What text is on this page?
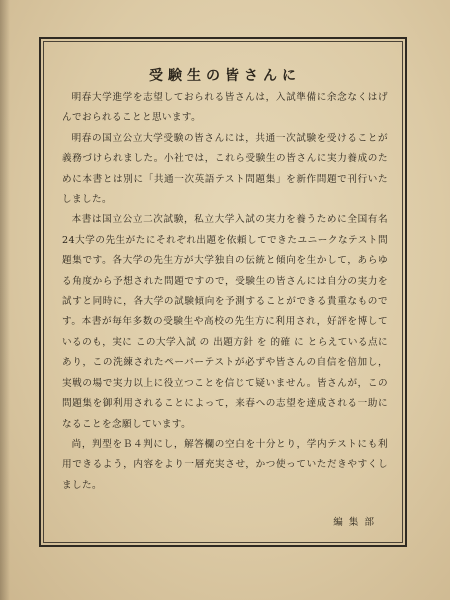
受験生の皆さんに

明春大学進学を志望しておられる皆さんは，入試準備に余念なくはげんでおられることと思います。

明春の国立公立大学受験の皆さんには，共通一次試験を受けることが義務づけられました。小社では，これら受験生の皆さんに実力養成のために本書とは別に「共通一次英語テスト問題集」を新作問題で刊行いたしました。

本書は国立公立二次試験，私立大学入試の実力を養うために全国有名24大学の先生がたにそれぞれ出題を依頼してできたユニークなテスト問題集です。各大学の先生方が大学独自の伝統と傾向を生かして，あらゆる角度から予想された問題ですので，受験生の皆さんには自分の実力を試すと同時に，各大学の試験傾向を予測することができる貴重なものです。本書が毎年多数の受験生や高校の先生方に利用され，好評を博しているのも，実に この大学入試 の 出題方針 を 的確 に とらえている点にあり，この洗練されたペーパーテストが必ずや皆さんの自信を倍加し，実戦の場で実力以上に役立つことを信じて疑いません。皆さんが，この問題集を御利用されることによって，来春への志望を達成される一助になることを念願しています。

尚，判型をＢ４判にし，解答欄の空白を十分とり，学内テストにも利用できるよう，内容をより一層充実させ，かつ使っていただきやすくしました。

編集部
